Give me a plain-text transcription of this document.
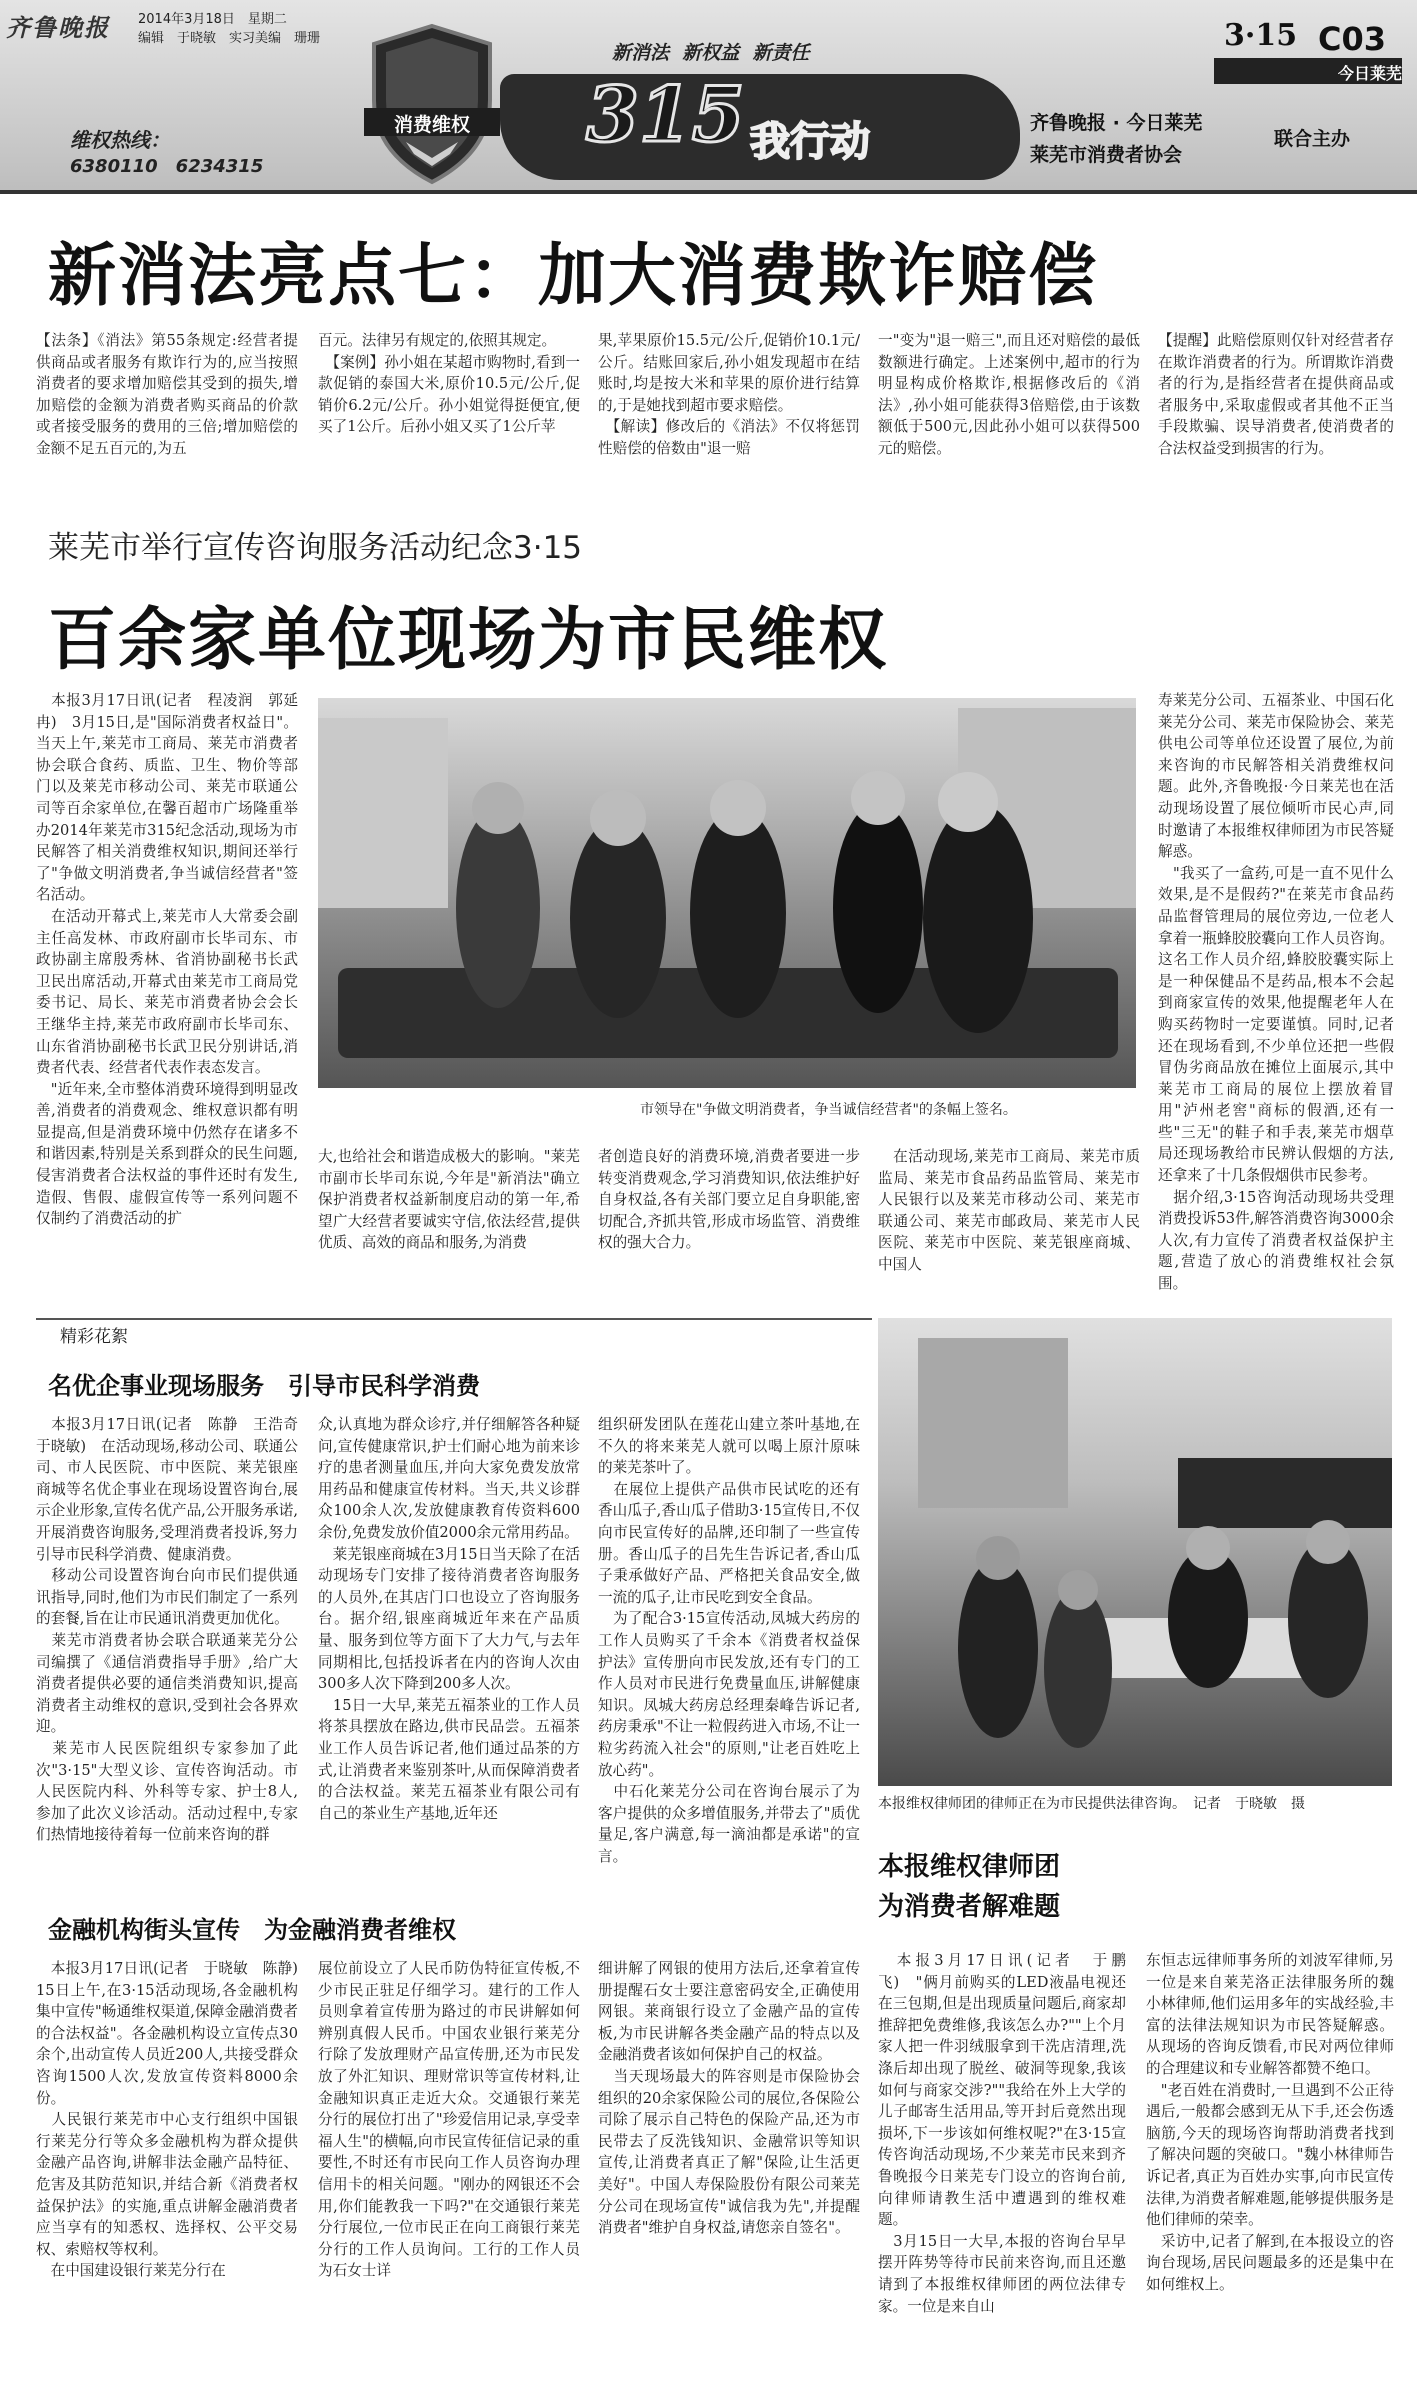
齐鲁晚报 2014年3月18日　星期二
编辑　于晓敏　实习美编　珊珊
消费维权
新消法  新权益  新责任
315 我行动
维权热线：
6380110　6234315
3·15 C03
今日莱芜
齐鲁晚报 · 今日莱芜
莱芜市消费者协会
联合主办
新消法亮点七：加大消费欺诈赔偿
【法条】《消法》第55条规定:经营者提供商品或者服务有欺诈行为的,应当按照消费者的要求增加赔偿其受到的损失,增加赔偿的金额为消费者购买商品的价款或者接受服务的费用的三倍;增加赔偿的金额不足五百元的,为五
百元。法律另有规定的,依照其规定。
　【案例】孙小姐在某超市购物时,看到一款促销的泰国大米,原价10.5元/公斤,促销价6.2元/公斤。孙小姐觉得挺便宜,便买了1公斤。后孙小姐又买了1公斤苹
果,苹果原价15.5元/公斤,促销价10.1元/公斤。结账回家后,孙小姐发现超市在结账时,均是按大米和苹果的原价进行结算的,于是她找到超市要求赔偿。
　【解读】修改后的《消法》不仅将惩罚性赔偿的倍数由"退一赔
一"变为"退一赔三",而且还对赔偿的最低数额进行确定。上述案例中,超市的行为明显构成价格欺诈,根据修改后的《消法》,孙小姐可能获得3倍赔偿,由于该数额低于500元,因此孙小姐可以获得500元的赔偿。
【提醒】此赔偿原则仅针对经营者存在欺诈消费者的行为。所谓欺诈消费者的行为,是指经营者在提供商品或者服务中,采取虚假或者其他不正当手段欺骗、误导消费者,使消费者的合法权益受到损害的行为。
莱芜市举行宣传咨询服务活动纪念3·15
百余家单位现场为市民维权
　本报3月17日讯(记者　程凌润　郭延冉)　3月15日,是"国际消费者权益日"。当天上午,莱芜市工商局、莱芜市消费者协会联合食药、质监、卫生、物价等部门以及莱芜市移动公司、莱芜市联通公司等百余家单位,在馨百超市广场隆重举办2014年莱芜市315纪念活动,现场为市民解答了相关消费维权知识,期间还举行了"争做文明消费者,争当诚信经营者"签名活动。
　在活动开幕式上,莱芜市人大常委会副主任高发林、市政府副市长毕司东、市政协副主席殷秀林、省消协副秘书长武卫民出席活动,开幕式由莱芜市工商局党委书记、局长、莱芜市消费者协会会长王继华主持,莱芜市政府副市长毕司东、山东省消协副秘书长武卫民分别讲话,消费者代表、经营者代表作表态发言。
　"近年来,全市整体消费环境得到明显改善,消费者的消费观念、维权意识都有明显提高,但是消费环境中仍然存在诸多不和谐因素,特别是关系到群众的民生问题,侵害消费者合法权益的事件还时有发生,造假、售假、虚假宣传等一系列问题不仅制约了消费活动的扩
市领导在"争做文明消费者，争当诚信经营者"的条幅上签名。
大,也给社会和谐造成极大的影响。"莱芜市副市长毕司东说,今年是"新消法"确立保护消费者权益新制度启动的第一年,希望广大经营者要诚实守信,依法经营,提供优质、高效的商品和服务,为消费
者创造良好的消费环境,消费者要进一步转变消费观念,学习消费知识,依法维护好自身权益,各有关部门要立足自身职能,密切配合,齐抓共管,形成市场监管、消费维权的强大合力。
　在活动现场,莱芜市工商局、莱芜市质监局、莱芜市食品药品监管局、莱芜市人民银行以及莱芜市移动公司、莱芜市联通公司、莱芜市邮政局、莱芜市人民医院、莱芜市中医院、莱芜银座商城、中国人
寿莱芜分公司、五福茶业、中国石化莱芜分公司、莱芜市保险协会、莱芜供电公司等单位还设置了展位,为前来咨询的市民解答相关消费维权问题。此外,齐鲁晚报·今日莱芜也在活动现场设置了展位倾听市民心声,同时邀请了本报维权律师团为市民答疑解惑。
　"我买了一盒药,可是一直不见什么效果,是不是假药?"在莱芜市食品药品监督管理局的展位旁边,一位老人拿着一瓶蜂胶胶囊向工作人员咨询。这名工作人员介绍,蜂胶胶囊实际上是一种保健品不是药品,根本不会起到商家宣传的效果,他提醒老年人在购买药物时一定要谨慎。同时,记者还在现场看到,不少单位还把一些假冒伪劣商品放在摊位上面展示,其中莱芜市工商局的展位上摆放着冒用"泸州老窖"商标的假酒,还有一些"三无"的鞋子和手表,莱芜市烟草局还现场教给市民辨认假烟的方法,还拿来了十几条假烟供市民参考。
　据介绍,3·15咨询活动现场共受理消费投诉53件,解答消费咨询3000余人次,有力宣传了消费者权益保护主题,营造了放心的消费维权社会氛围。
精彩花絮
名优企事业现场服务　引导市民科学消费
　本报3月17日讯(记者　陈静　王浩奇　于晓敏)　在活动现场,移动公司、联通公司、市人民医院、市中医院、莱芜银座商城等名优企事业在现场设置咨询台,展示企业形象,宣传名优产品,公开服务承诺,开展消费咨询服务,受理消费者投诉,努力引导市民科学消费、健康消费。
　移动公司设置咨询台向市民们提供通讯指导,同时,他们为市民们制定了一系列的套餐,旨在让市民通讯消费更加优化。
　莱芜市消费者协会联合联通莱芜分公司编撰了《通信消费指导手册》,给广大消费者提供必要的通信类消费知识,提高消费者主动维权的意识,受到社会各界欢迎。
　莱芜市人民医院组织专家参加了此次"3·15"大型义诊、宣传咨询活动。市人民医院内科、外科等专家、护士8人,参加了此次义诊活动。活动过程中,专家们热情地接待着每一位前来咨询的群
众,认真地为群众诊疗,并仔细解答各种疑问,宣传健康常识,护士们耐心地为前来诊疗的患者测量血压,并向大家免费发放常用药品和健康宣传材料。当天,共义诊群众100余人次,发放健康教育传资料600余份,免费发放价值2000余元常用药品。
　莱芜银座商城在3月15日当天除了在活动现场专门安排了接待消费者咨询服务的人员外,在其店门口也设立了咨询服务台。据介绍,银座商城近年来在产品质量、服务到位等方面下了大力气,与去年同期相比,包括投诉者在内的咨询人次由300多人次下降到200多人次。
　15日一大早,莱芜五福茶业的工作人员将茶具摆放在路边,供市民品尝。五福茶业工作人员告诉记者,他们通过品茶的方式,让消费者来鉴别茶叶,从而保障消费者的合法权益。莱芜五福茶业有限公司有自己的茶业生产基地,近年还
组织研发团队在莲花山建立茶叶基地,在不久的将来莱芜人就可以喝上原汁原味的莱芜茶叶了。
　在展位上提供产品供市民试吃的还有香山瓜子,香山瓜子借助3·15宣传日,不仅向市民宣传好的品牌,还印制了一些宣传册。香山瓜子的吕先生告诉记者,香山瓜子秉承做好产品、严格把关食品安全,做一流的瓜子,让市民吃到安全食品。
　为了配合3·15宣传活动,凤城大药房的工作人员购买了千余本《消费者权益保护法》宣传册向市民发放,还有专门的工作人员对市民进行免费量血压,讲解健康知识。凤城大药房总经理秦峰告诉记者,药房秉承"不让一粒假药进入市场,不让一粒劣药流入社会"的原则,"让老百姓吃上放心药"。
　中石化莱芜分公司在咨询台展示了为客户提供的众多增值服务,并带去了"质优量足,客户满意,每一滴油都是承诺"的宣言。
本报维权律师团的律师正在为市民提供法律咨询。　记者　于晓敏　摄
金融机构街头宣传　为金融消费者维权
　本报3月17日讯(记者　于晓敏　陈静)　15日上午,在3·15活动现场,各金融机构集中宣传"畅通维权渠道,保障金融消费者的合法权益"。各金融机构设立宣传点30余个,出动宣传人员近200人,共接受群众咨询1500人次,发放宣传资料8000余份。
　人民银行莱芜市中心支行组织中国银行莱芜分行等众多金融机构为群众提供金融产品咨询,讲解非法金融产品特征、危害及其防范知识,并结合新《消费者权益保护法》的实施,重点讲解金融消费者应当享有的知悉权、选择权、公平交易权、索赔权等权利。
　在中国建设银行莱芜分行在
展位前设立了人民币防伪特征宣传板,不少市民正驻足仔细学习。建行的工作人员则拿着宣传册为路过的市民讲解如何辨别真假人民币。中国农业银行莱芜分行除了发放理财产品宣传册,还为市民发放了外汇知识、理财常识等宣传材料,让金融知识真正走近大众。交通银行莱芜分行的展位打出了"珍爱信用记录,享受幸福人生"的横幅,向市民宣传征信记录的重要性,不时还有市民向工作人员咨询办理信用卡的相关问题。"刚办的网银还不会用,你们能教我一下吗?"在交通银行莱芜分行展位,一位市民正在向工商银行莱芜分行的工作人员询问。工行的工作人员为石女士详
细讲解了网银的使用方法后,还拿着宣传册提醒石女士要注意密码安全,正确使用网银。莱商银行设立了金融产品的宣传板,为市民讲解各类金融产品的特点以及金融消费者该如何保护自己的权益。
　当天现场最大的阵容则是市保险协会组织的20余家保险公司的展位,各保险公司除了展示自己特色的保险产品,还为市民带去了反洗钱知识、金融常识等知识宣传,让消费者真正了解"保险,让生活更美好"。中国人寿保险股份有限公司莱芜分公司在现场宣传"诚信我为先",并提醒消费者"维护自身权益,请您亲自签名"。
本报维权律师团
为消费者解难题
　本报3月17日讯(记者　于鹏飞)　"俩月前购买的LED液晶电视还在三包期,但是出现质量问题后,商家却推辞把免费维修,我该怎么办?""上个月家人把一件羽绒服拿到干洗店清理,洗涤后却出现了脱丝、破洞等现象,我该如何与商家交涉?""我给在外上大学的儿子邮寄生活用品,等开封后竟然出现损坏,下一步该如何维权呢?"在3·15宣传咨询活动现场,不少莱芜市民来到齐鲁晚报今日莱芜专门设立的咨询台前,向律师请教生活中遭遇到的维权难题。
　3月15日一大早,本报的咨询台早早摆开阵势等待市民前来咨询,而且还邀请到了本报维权律师团的两位法律专家。一位是来自山
东恒志远律师事务所的刘波军律师,另一位是来自莱芜洛正法律服务所的魏小林律师,他们运用多年的实战经验,丰富的法律法规知识为市民答疑解惑。从现场的咨询反馈看,市民对两位律师的合理建议和专业解答都赞不绝口。
　"老百姓在消费时,一旦遇到不公正待遇后,一般都会感到无从下手,还会伤透脑筋,今天的现场咨询帮助消费者找到了解决问题的突破口。"魏小林律师告诉记者,真正为百姓办实事,向市民宣传法律,为消费者解难题,能够提供服务是他们律师的荣幸。
　采访中,记者了解到,在本报设立的咨询台现场,居民问题最多的还是集中在如何维权上。
